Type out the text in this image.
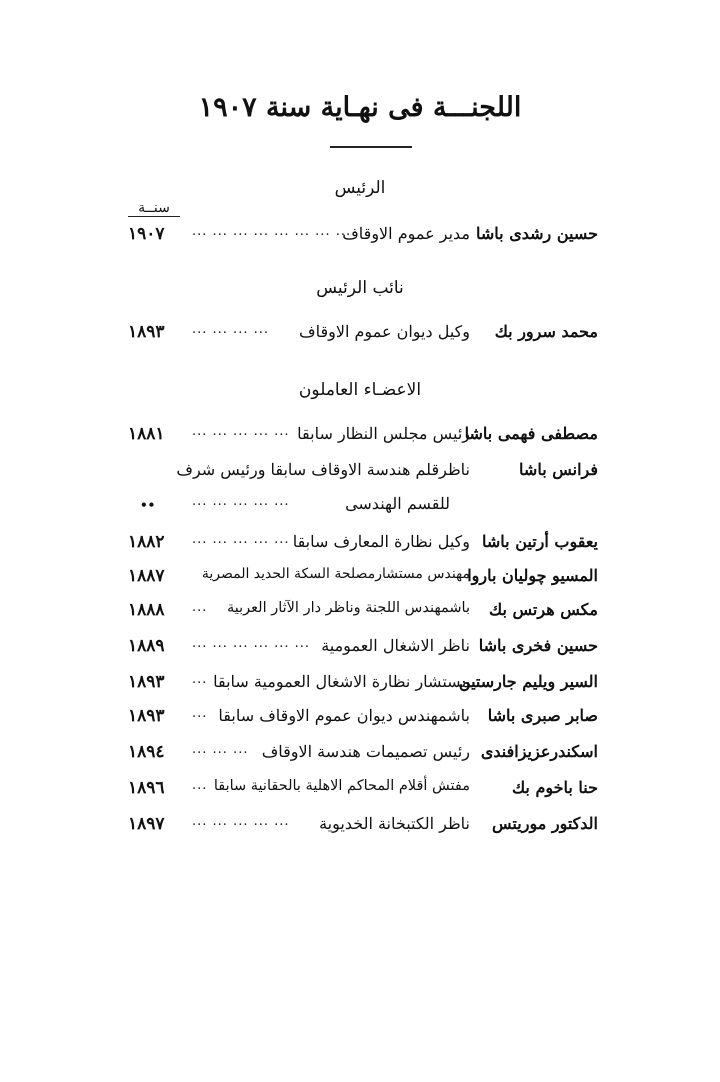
اللجنـــة فى نهـاية سنة ١٩٠٧
الرئيس
سنــة
حسين رشدى باشا
مدير عموم الاوقاف
... ... ... ... ... ... ... ...
١٩٠٧
نائب الرئيس
محمد سرور بك
وكيل ديوان عموم الاوقاف
... ... ... ...
١٨٩٣
الاعضـاء العاملون
مصطفى فهمى باشا
رئيس مجلس النظار سابقا
... ... ... ... ...
١٨٨١
فرانس باشا
ناظرقلم هندسة الاوقاف سابقا ورئيس شرف
للقسم الهندسى
... ... ... ... ...
••
يعقوب أرتين باشا
وكيل نظارة المعارف سابقا
... ... ... ... ...
١٨٨٢
المسيو چوليان باروا
مهندس مستشارمصلحة السكة الحديد المصرية
١٨٨٧
مكس هرتس بك
باشمهندس اللجنة وناظر دار الآثار العربية
...
١٨٨٨
حسين فخرى باشا
ناظر الاشغال العمومية
... ... ... ... ... ...
١٨٨٩
السير ويليم جارستين
مستشار نظارة الاشغال العمومية سابقا
...
١٨٩٣
صابر صبرى باشا
باشمهندس ديوان عموم الاوقاف سابقا
...
١٨٩٣
اسكندرعزيزافندى
رئيس تصميمات هندسة الاوقاف
... ... ...
١٨٩٤
حنا باخوم بك
مفتش أقلام المحاكم الاهلية بالحقانية سابقا
...
١٨٩٦
الدكتور موريتس
ناظر الكتبخانة الخديوية
... ... ... ... ...
١٨٩٧
